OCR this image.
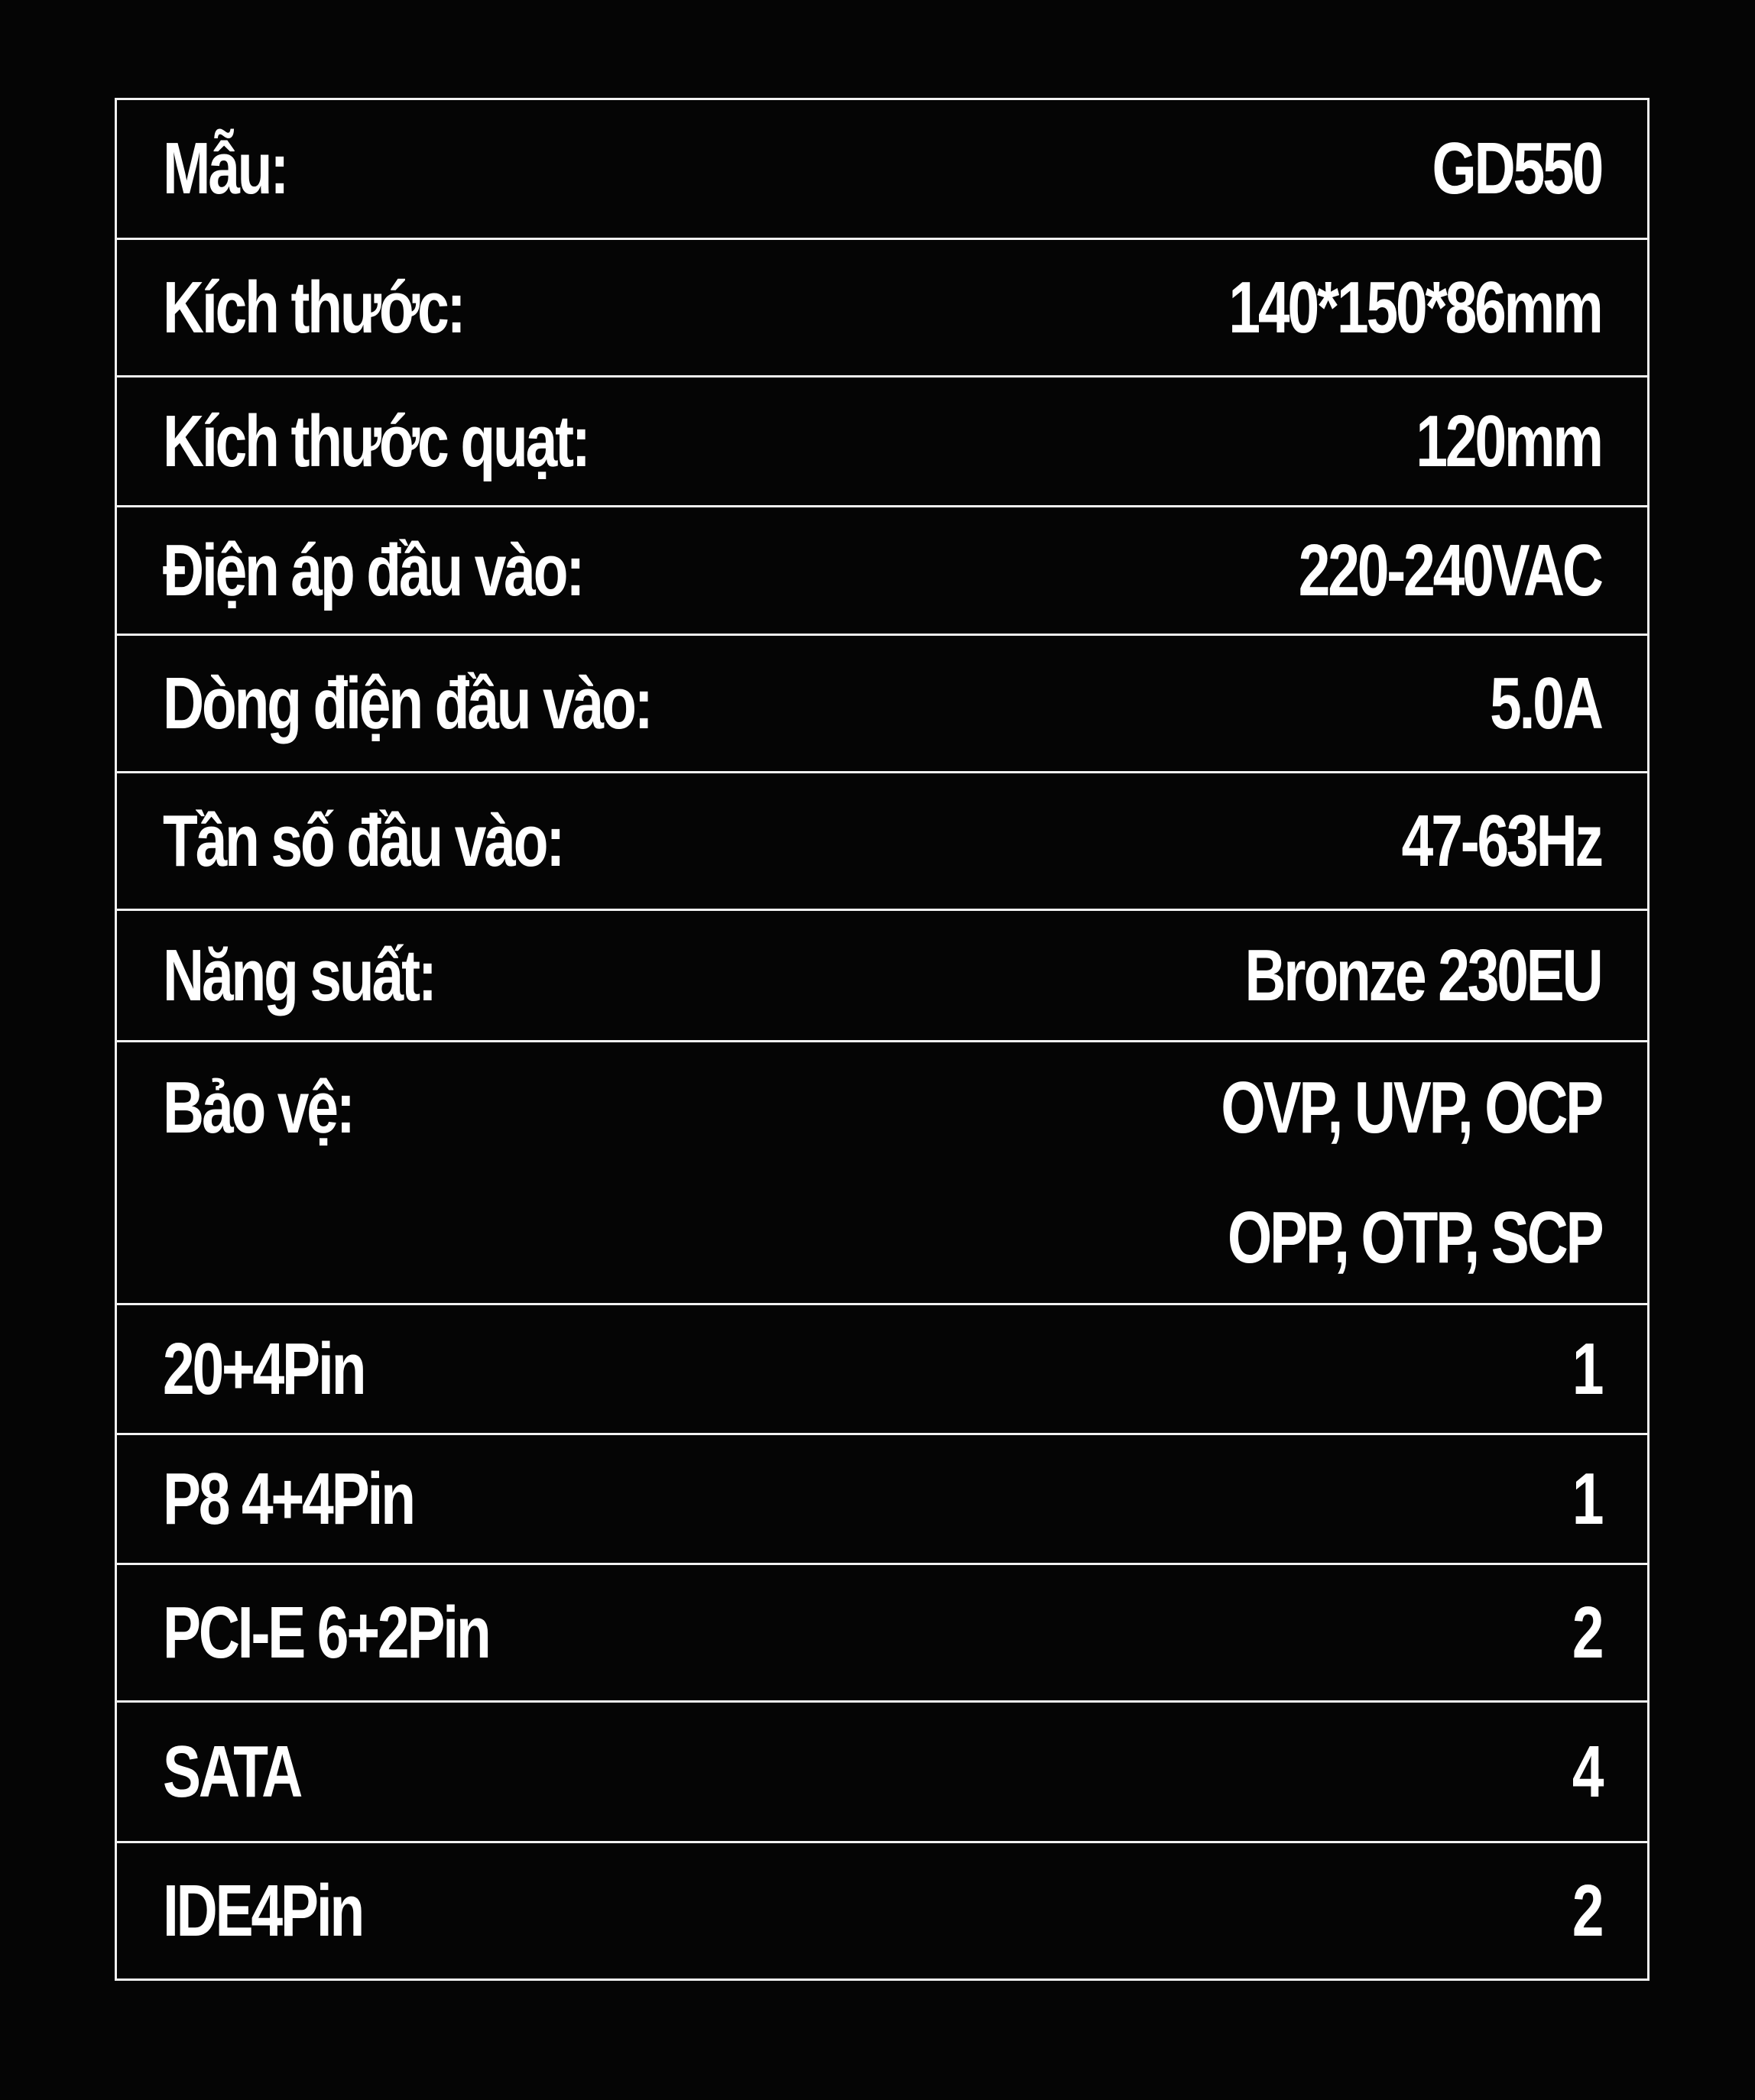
Mẫu:	GD550
Kích thước:	140*150*86mm
Kích thước quạt:	120mm
Điện áp đầu vào:	220-240VAC
Dòng điện đầu vào:	5.0A
Tần số đầu vào:	47-63Hz
Năng suất:	Bronze 230EU
Bảo vệ:	OVP, UVP, OCP
OPP, OTP, SCP
20+4Pin	1
P8 4+4Pin	1
PCI-E 6+2Pin	2
SATA	4
IDE4Pin	2
